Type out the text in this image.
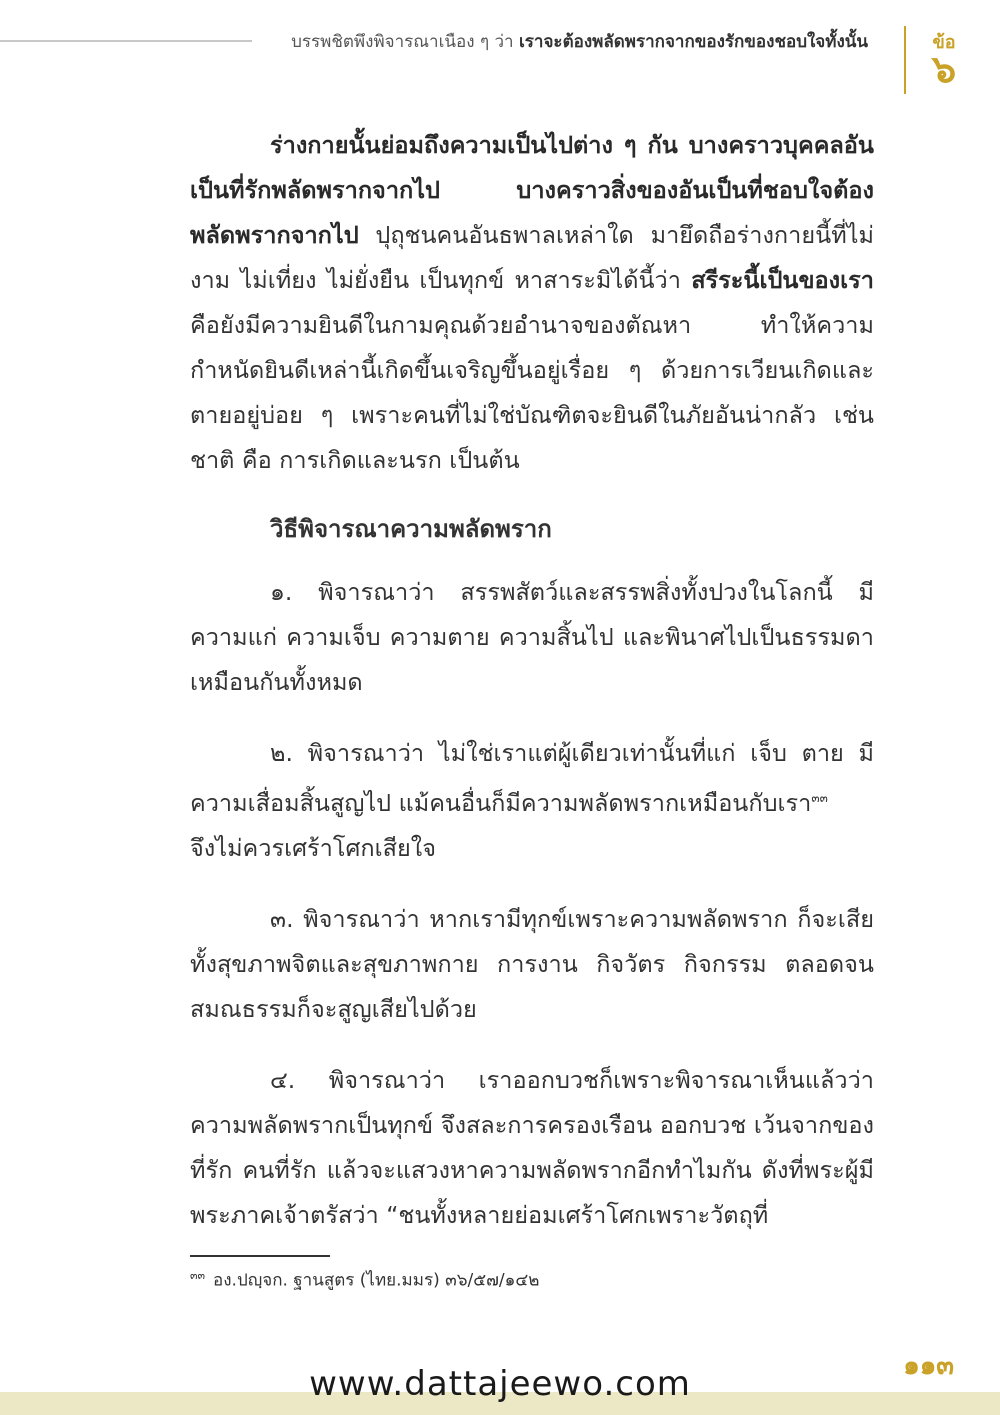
บรรพชิตพึงพิจารณาเนือง ๆ ว่า เราจะต้องพลัดพรากจากของรักของชอบใจทั้งนั้น	ข้อ
๖

ร่างกายนั้นย่อมถึงความเป็นไปต่าง ๆ กัน บางคราวบุคคลอันเป็นที่รักพลัดพรากจากไป บางคราวสิ่งของอันเป็นที่ชอบใจต้องพลัดพรากจากไป ปุถุชนคนอันธพาลเหล่าใด มายึดถือร่างกายนี้ที่ไม่งาม ไม่เที่ยง ไม่ยั่งยืน เป็นทุกข์ หาสาระมิได้นี้ว่า สรีระนี้เป็นของเรา คือยังมีความยินดีในกามคุณด้วยอำนาจของตัณหา ทำให้ความกำหนัดยินดีเหล่านี้เกิดขึ้นเจริญขึ้นอยู่เรื่อย ๆ ด้วยการเวียนเกิดและตายอยู่บ่อย ๆ เพราะคนที่ไม่ใช่บัณฑิตจะยินดีในภัยอันน่ากลัว เช่น ชาติ คือ การเกิดและนรก เป็นต้น

วิธีพิจารณาความพลัดพราก

๑. พิจารณาว่า สรรพสัตว์และสรรพสิ่งทั้งปวงในโลกนี้ มีความแก่ ความเจ็บ ความตาย ความสิ้นไป และพินาศไปเป็นธรรมดาเหมือนกันทั้งหมด

๒. พิจารณาว่า ไม่ใช่เราแต่ผู้เดียวเท่านั้นที่แก่ เจ็บ ตาย มีความเสื่อมสิ้นสูญไป แม้คนอื่นก็มีความพลัดพรากเหมือนกับเรา$^{๓๓}$
จึงไม่ควรเศร้าโศกเสียใจ

๓. พิจารณาว่า หากเรามีทุกข์เพราะความพลัดพราก ก็จะเสียทั้งสุขภาพจิตและสุขภาพกาย การงาน กิจวัตร กิจกรรม ตลอดจนสมณธรรมก็จะสูญเสียไปด้วย

๔. พิจารณาว่า เราออกบวชก็เพราะพิจารณาเห็นแล้วว่าความพลัดพรากเป็นทุกข์ จึงสละการครองเรือน ออกบวช เว้นจากของที่รัก คนที่รัก แล้วจะแสวงหาความพลัดพรากอีกทำไมกัน ดังที่พระผู้มีพระภาคเจ้าตรัสว่า “ชนทั้งหลายย่อมเศร้าโศกเพราะวัตถุที่

$^{๓๓}$ อง.ปญฺจก. ฐานสูตร (ไทย.มมร) ๓๖/๕๗/๑๔๒
๑๑๓
www.dattajeewo.com
